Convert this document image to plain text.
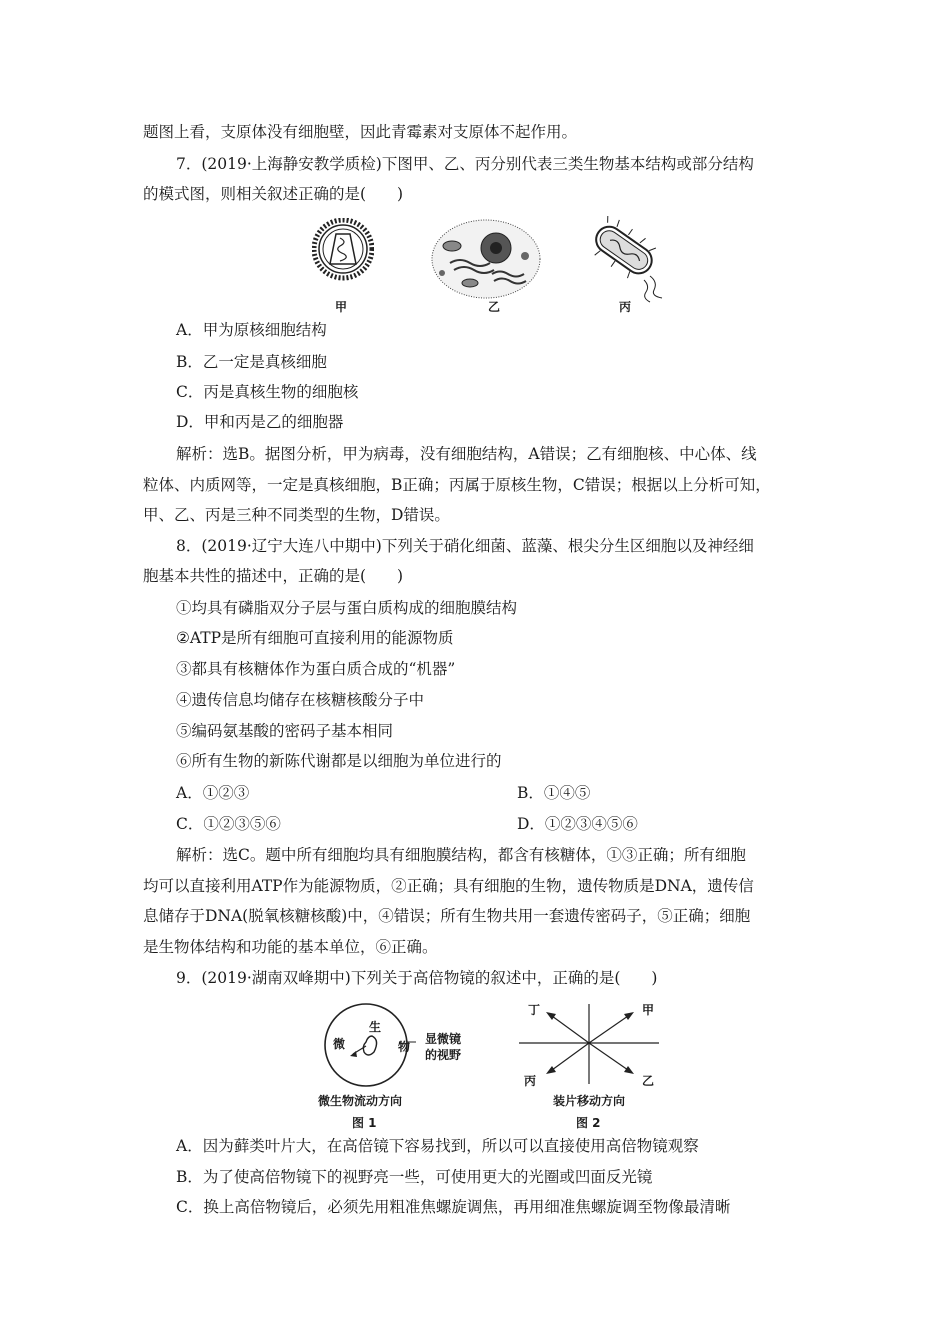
题图上看，支原体没有细胞壁，因此青霉素对支原体不起作用。
7．(2019·上海静安教学质检)下图甲、乙、丙分别代表三类生物基本结构或部分结构
的模式图，则相关叙述正确的是(　　)
甲	乙	丙
A．甲为原核细胞结构
B．乙一定是真核细胞
C．丙是真核生物的细胞核
D．甲和丙是乙的细胞器
解析：选B。据图分析，甲为病毒，没有细胞结构，A错误；乙有细胞核、中心体、线
粒体、内质网等，一定是真核细胞，B正确；丙属于原核生物，C错误；根据以上分析可知，
甲、乙、丙是三种不同类型的生物，D错误。
8．(2019·辽宁大连八中期中)下列关于硝化细菌、蓝藻、根尖分生区细胞以及神经细
胞基本共性的描述中，正确的是(　　)
①均具有磷脂双分子层与蛋白质构成的细胞膜结构
②ATP是所有细胞可直接利用的能源物质
③都具有核糖体作为蛋白质合成的“机器”
④遗传信息均储存在核糖核酸分子中
⑤编码氨基酸的密码子基本相同
⑥所有生物的新陈代谢都是以细胞为单位进行的
A．①②③	B．①④⑤
C．①②③⑤⑥	D．①②③④⑤⑥
解析：选C。题中所有细胞均具有细胞膜结构，都含有核糖体，①③正确；所有细胞
均可以直接利用ATP作为能源物质，②正确；具有细胞的生物，遗传物质是DNA，遗传信
息储存于DNA(脱氧核糖核酸)中，④错误；所有生物共用一套遗传密码子，⑤正确；细胞
是生物体结构和功能的基本单位，⑥正确。
9．(2019·湖南双峰期中)下列关于高倍物镜的叙述中，正确的是(　　)
生
微	物
显微镜
的视野
微生物流动方向
图 1
丁	甲
丙	乙
装片移动方向
图 2
A．因为藓类叶片大，在高倍镜下容易找到，所以可以直接使用高倍物镜观察
B．为了使高倍物镜下的视野亮一些，可使用更大的光圈或凹面反光镜
C．换上高倍物镜后，必须先用粗准焦螺旋调焦，再用细准焦螺旋调至物像最清晰
